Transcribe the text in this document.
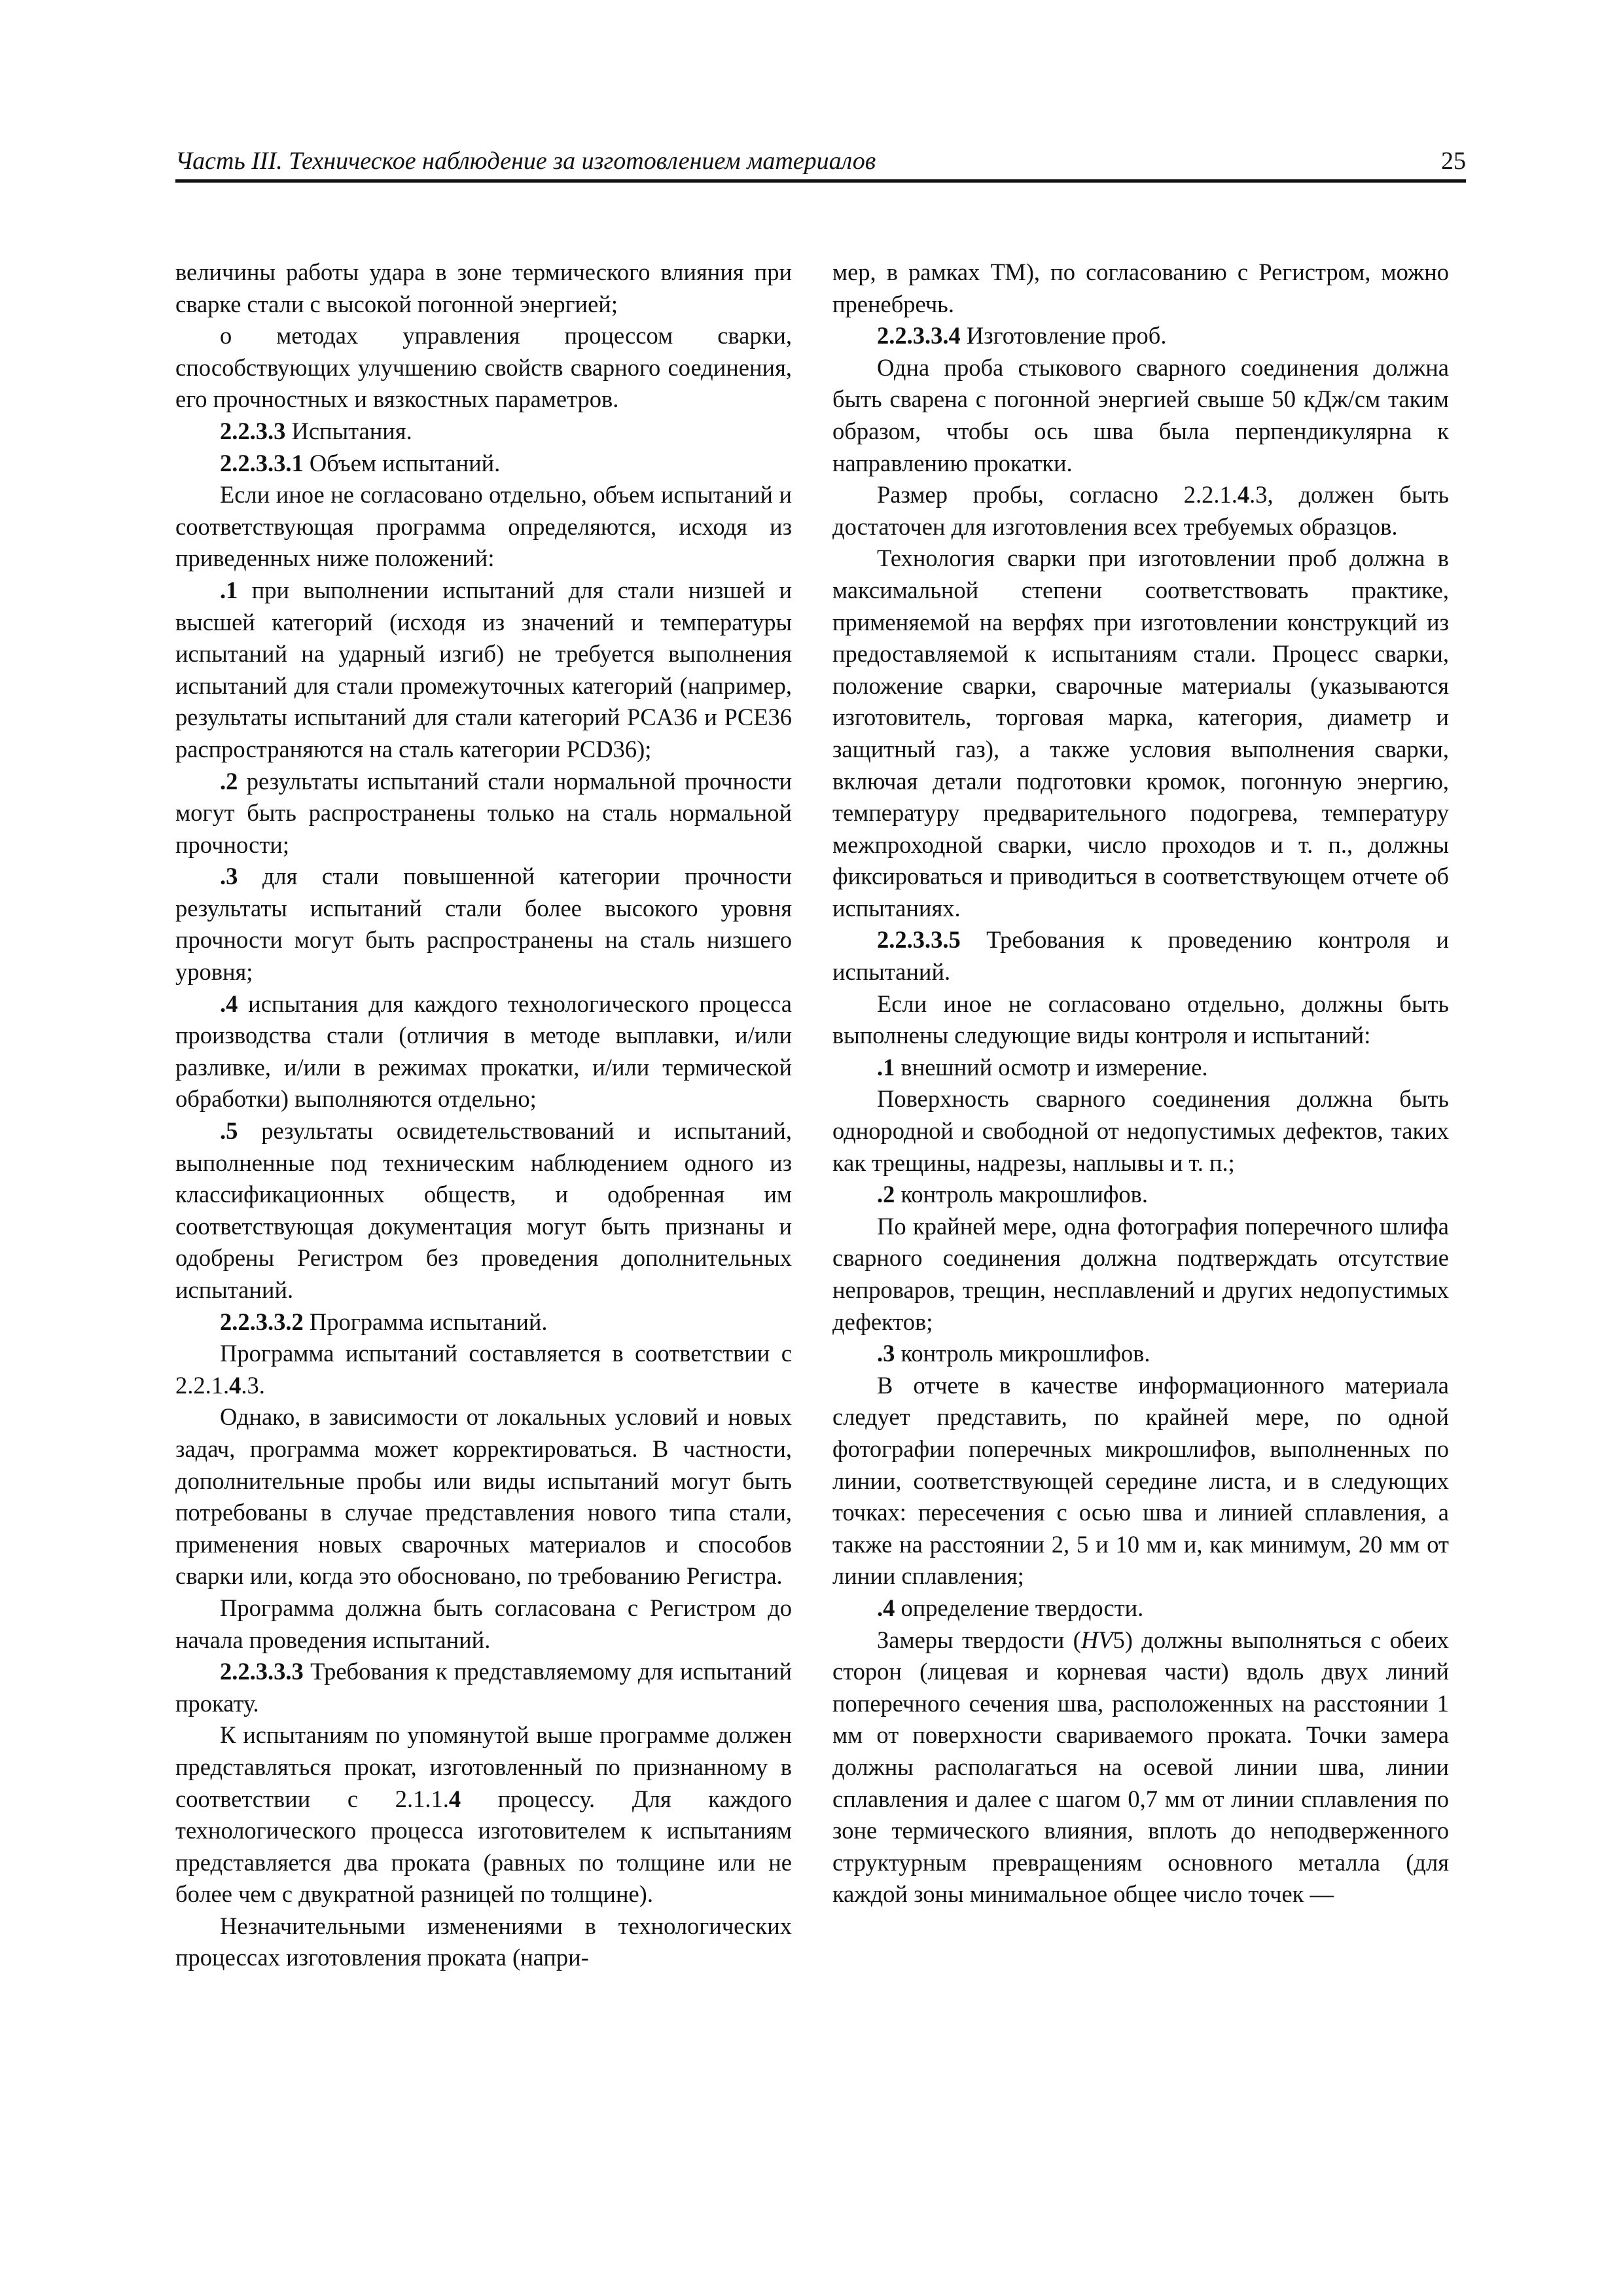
Часть III. Техническое наблюдение за изготовлением материалов	25

величины работы удара в зоне термического влияния при сварке стали с высокой погонной энергией;

о методах управления процессом сварки, способствующих улучшению свойств сварного соединения, его прочностных и вязкостных параметров.

2.2.3.3 Испытания.

2.2.3.3.1 Объем испытаний.

Если иное не согласовано отдельно, объем испытаний и соответствующая программа определяются, исходя из приведенных ниже положений:

.1 при выполнении испытаний для стали низшей и высшей категорий (исходя из значений и температуры испытаний на ударный изгиб) не требуется выполнения испытаний для стали промежуточных категорий (например, результаты испытаний для стали категорий PCA36 и PCE36 распространяются на сталь категории PCD36);

.2 результаты испытаний стали нормальной прочности могут быть распространены только на сталь нормальной прочности;

.3 для стали повышенной категории прочности результаты испытаний стали более высокого уровня прочности могут быть распространены на сталь низшего уровня;

.4 испытания для каждого технологического процесса производства стали (отличия в методе выплавки, и/или разливке, и/или в режимах прокатки, и/или термической обработки) выполняются отдельно;

.5 результаты освидетельствований и испытаний, выполненные под техническим наблюдением одного из классификационных обществ, и одобренная им соответствующая документация могут быть признаны и одобрены Регистром без проведения дополнительных испытаний.

2.2.3.3.2 Программа испытаний.

Программа испытаний составляется в соответствии с 2.2.1.4.3.

Однако, в зависимости от локальных условий и новых задач, программа может корректироваться. В частности, дополнительные пробы или виды испытаний могут быть потребованы в случае представления нового типа стали, применения новых сварочных материалов и способов сварки или, когда это обосновано, по требованию Регистра.

Программа должна быть согласована с Регистром до начала проведения испытаний.

2.2.3.3.3 Требования к представляемому для испытаний прокату.

К испытаниям по упомянутой выше программе должен представляться прокат, изготовленный по признанному в соответствии с 2.1.1.4 процессу. Для каждого технологического процесса изготовителем к испытаниям представляется два проката (равных по толщине или не более чем с двукратной разницей по толщине).

Незначительными изменениями в технологических процессах изготовления проката (напри-

мер, в рамках ТМ), по согласованию с Регистром, можно пренебречь.

2.2.3.3.4 Изготовление проб.

Одна проба стыкового сварного соединения должна быть сварена с погонной энергией свыше 50 кДж/см таким образом, чтобы ось шва была перпендикулярна к направлению прокатки.

Размер пробы, согласно 2.2.1.4.3, должен быть достаточен для изготовления всех требуемых образцов.

Технология сварки при изготовлении проб должна в максимальной степени соответствовать практике, применяемой на верфях при изготовлении конструкций из предоставляемой к испытаниям стали. Процесс сварки, положение сварки, сварочные материалы (указываются изготовитель, торговая марка, категория, диаметр и защитный газ), а также условия выполнения сварки, включая детали подготовки кромок, погонную энергию, температуру предварительного подогрева, температуру межпроходной сварки, число проходов и т. п., должны фиксироваться и приводиться в соответствующем отчете об испытаниях.

2.2.3.3.5 Требования к проведению контроля и испытаний.

Если иное не согласовано отдельно, должны быть выполнены следующие виды контроля и испытаний:

.1 внешний осмотр и измерение.

Поверхность сварного соединения должна быть однородной и свободной от недопустимых дефектов, таких как трещины, надрезы, наплывы и т. п.;

.2 контроль макрошлифов.

По крайней мере, одна фотография поперечного шлифа сварного соединения должна подтверждать отсутствие непроваров, трещин, несплавлений и других недопустимых дефектов;

.3 контроль микрошлифов.

В отчете в качестве информационного материала следует представить, по крайней мере, по одной фотографии поперечных микрошлифов, выполненных по линии, соответствующей середине листа, и в следующих точках: пересечения с осью шва и линией сплавления, а также на расстоянии 2, 5 и 10 мм и, как минимум, 20 мм от линии сплавления;

.4 определение твердости.

Замеры твердости (HV5) должны выполняться с обеих сторон (лицевая и корневая части) вдоль двух линий поперечного сечения шва, расположенных на расстоянии 1 мм от поверхности свариваемого проката. Точки замера должны располагаться на осевой линии шва, линии сплавления и далее с шагом 0,7 мм от линии сплавления по зоне термического влияния, вплоть до неподверженного структурным превращениям основного металла (для каждой зоны минимальное общее число точек —
